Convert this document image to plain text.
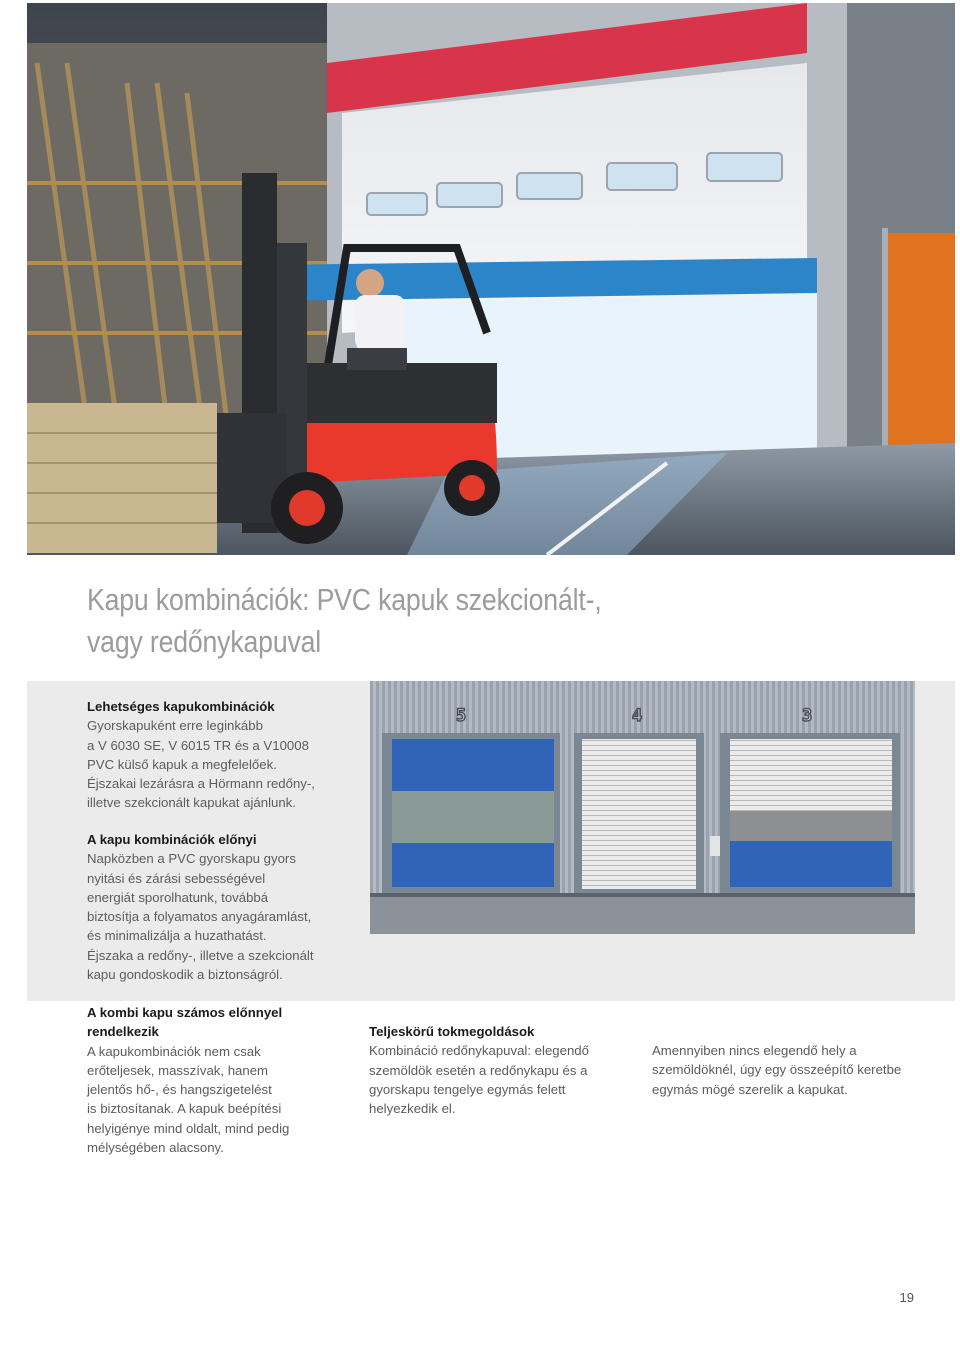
Kapu kombinációk: PVC kapuk szekcionált-,
vagy redőnykapuval
Lehetséges kapukombinációk
Gyorskapuként erre leginkább
a V 6030 SE, V 6015 TR és a V10008
PVC külső kapuk a megfelelőek.
Éjszakai lezárásra a Hörmann redőny-,
illetve szekcionált kapukat ajánlunk.
A kapu kombinációk előnyi
Napközben a PVC gyorskapu gyors
nyitási és zárási sebességével
energiát sporolhatunk, továbbá
biztosítja a folyamatos anyagáramlást,
és minimalizálja a huzathatást.
Éjszaka a redőny-, illetve a szekcionált
kapu gondoskodik a biztonságról.
5	4	3
A kombi kapu számos előnnyel
rendelkezik
A kapukombinációk nem csak
erőteljesek, masszívak, hanem
jelentős hő-, és hangszigetelést
is biztosítanak. A kapuk beépítési
helyigénye mind oldalt, mind pedig
mélységében alacsony.
Teljeskörű tokmegoldások
Kombináció redőnykapuval: elegendő
szemöldök esetén a redőnykapu és a
gyorskapu tengelye egymás felett
helyezkedik el.
Amennyiben nincs elegendő hely a
szemöldöknél, úgy egy összeépítő keretbe
egymás mögé szerelik a kapukat.
19
